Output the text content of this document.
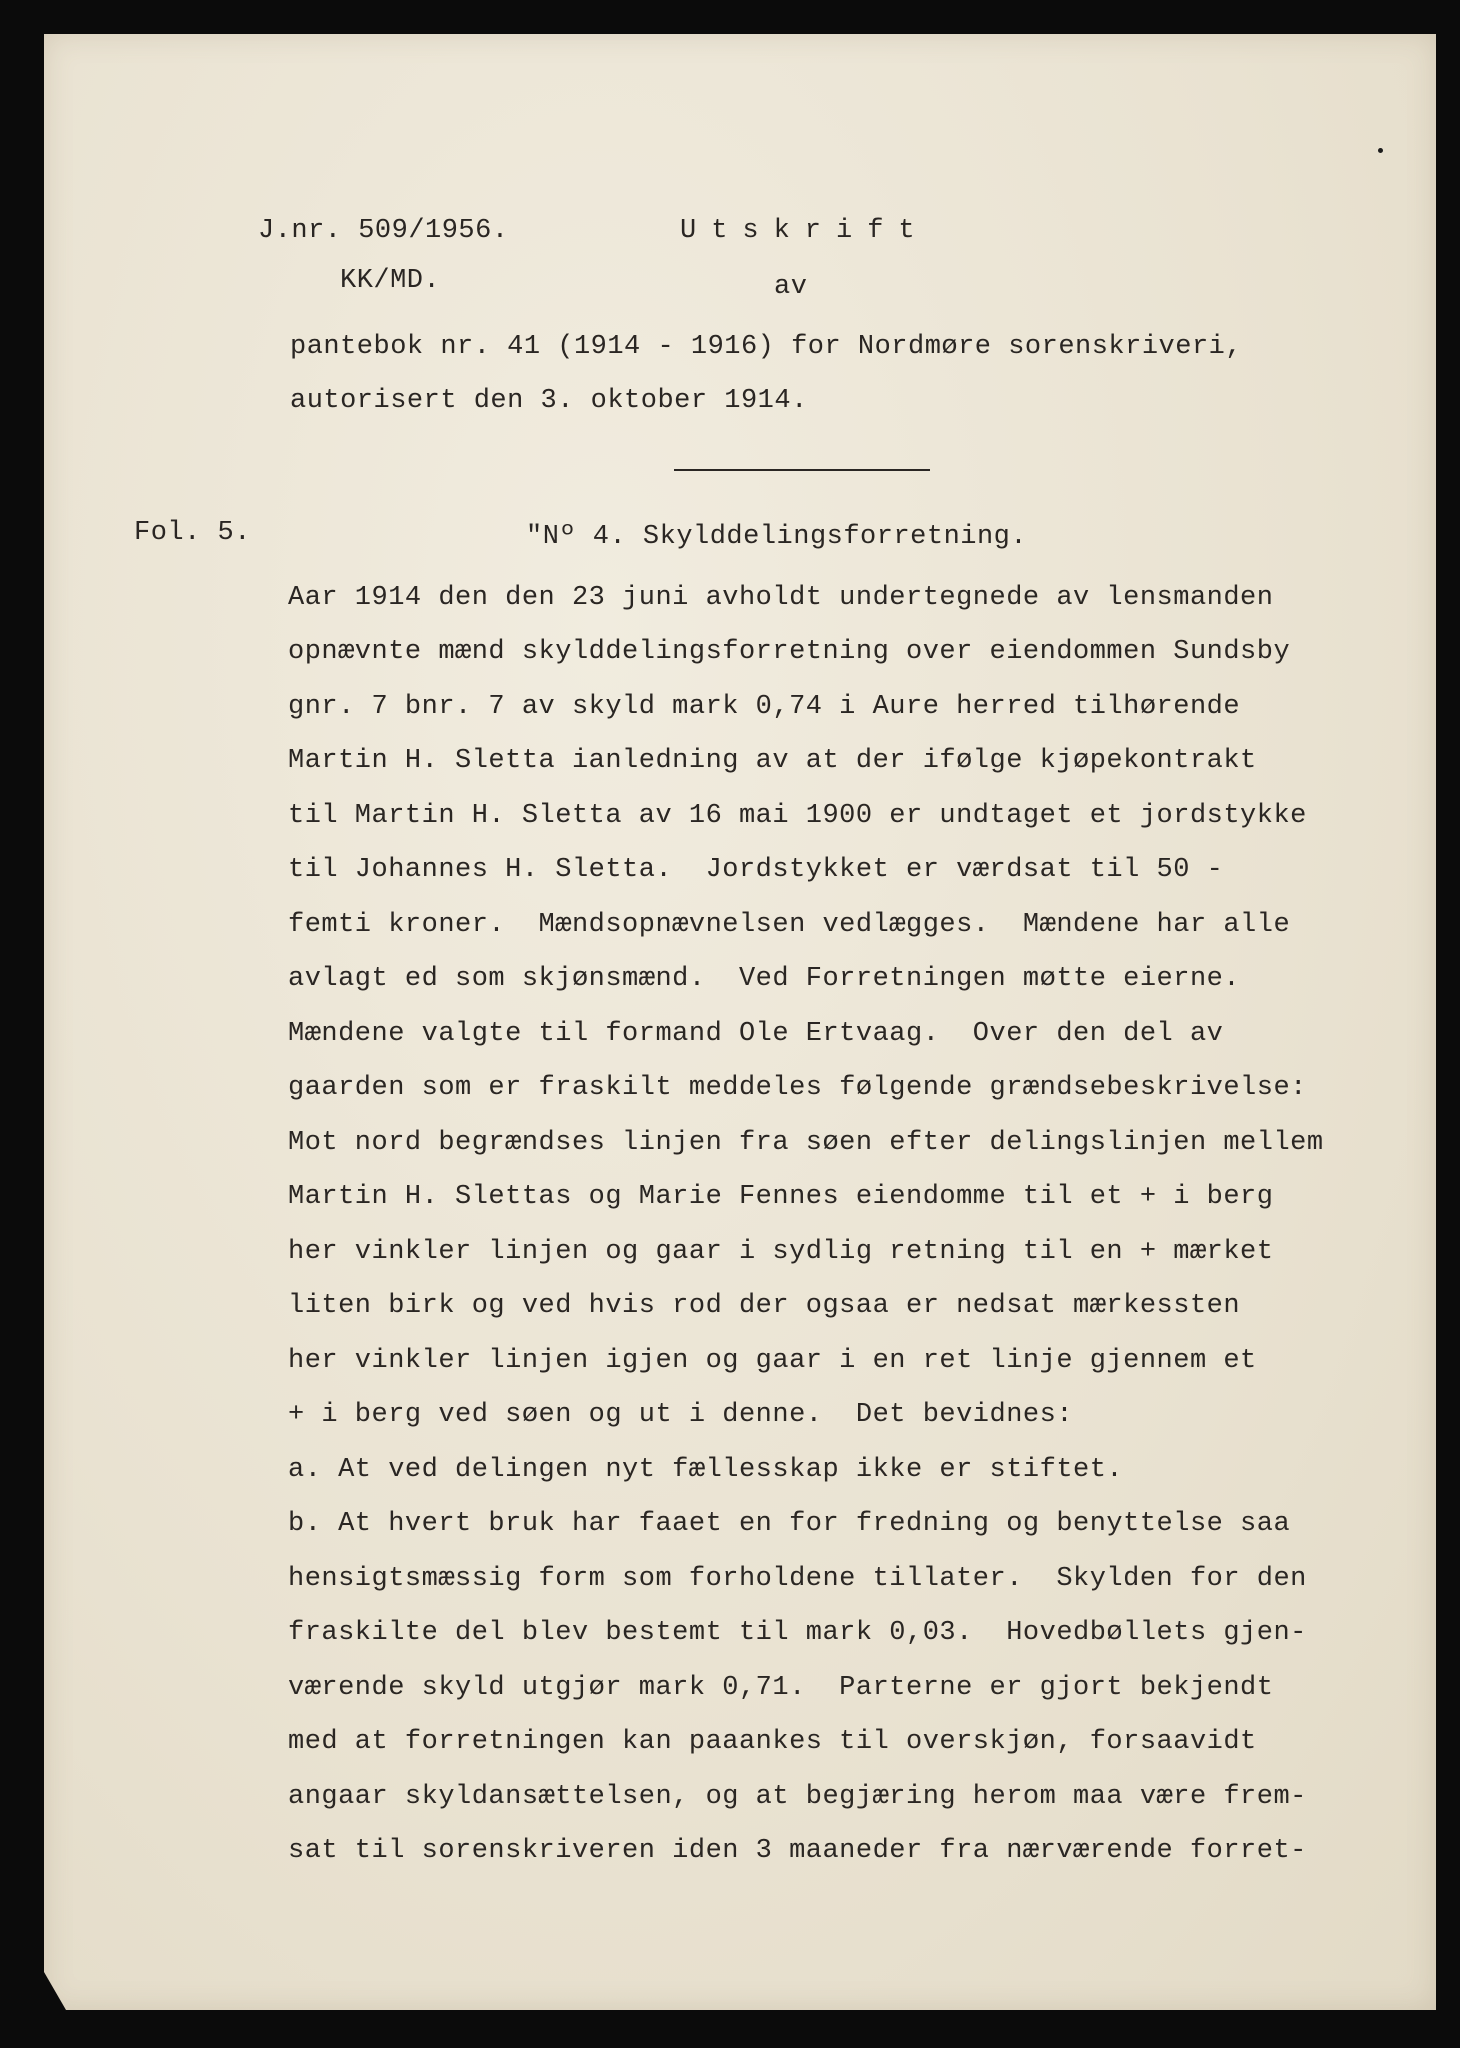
J.nr. 509/1956.	Utskrift
KK/MD.	av
pantebok nr. 41 (1914 - 1916) for Nordmøre sorenskriveri,
autorisert den 3. oktober 1914.
Fol. 5.	"Nº 4. Skylddelingsforretning.
Aar 1914 den den 23 juni avholdt undertegnede av lensmanden
opnævnte mænd skylddelingsforretning over eiendommen Sundsby
gnr. 7 bnr. 7 av skyld mark 0,74 i Aure herred tilhørende
Martin H. Sletta ianledning av at der ifølge kjøpekontrakt
til Martin H. Sletta av 16 mai 1900 er undtaget et jordstykke
til Johannes H. Sletta.  Jordstykket er værdsat til 50 -
femti kroner.  Mændsopnævnelsen vedlægges.  Mændene har alle
avlagt ed som skjønsmænd.  Ved Forretningen møtte eierne.
Mændene valgte til formand Ole Ertvaag.  Over den del av
gaarden som er fraskilt meddeles følgende grændsebeskrivelse:
Mot nord begrændses linjen fra søen efter delingslinjen mellem
Martin H. Slettas og Marie Fennes eiendomme til et + i berg
her vinkler linjen og gaar i sydlig retning til en + mærket
liten birk og ved hvis rod der ogsaa er nedsat mærkessten
her vinkler linjen igjen og gaar i en ret linje gjennem et
+ i berg ved søen og ut i denne.  Det bevidnes:
a. At ved delingen nyt fællesskap ikke er stiftet.
b. At hvert bruk har faaet en for fredning og benyttelse saa
hensigtsmæssig form som forholdene tillater.  Skylden for den
fraskilte del blev bestemt til mark 0,03.  Hovedbøllets gjen-
værende skyld utgjør mark 0,71.  Parterne er gjort bekjendt
med at forretningen kan paaankes til overskjøn, forsaavidt
angaar skyldansættelsen, og at begjæring herom maa være frem-
sat til sorenskriveren iden 3 maaneder fra nærværende forret-
